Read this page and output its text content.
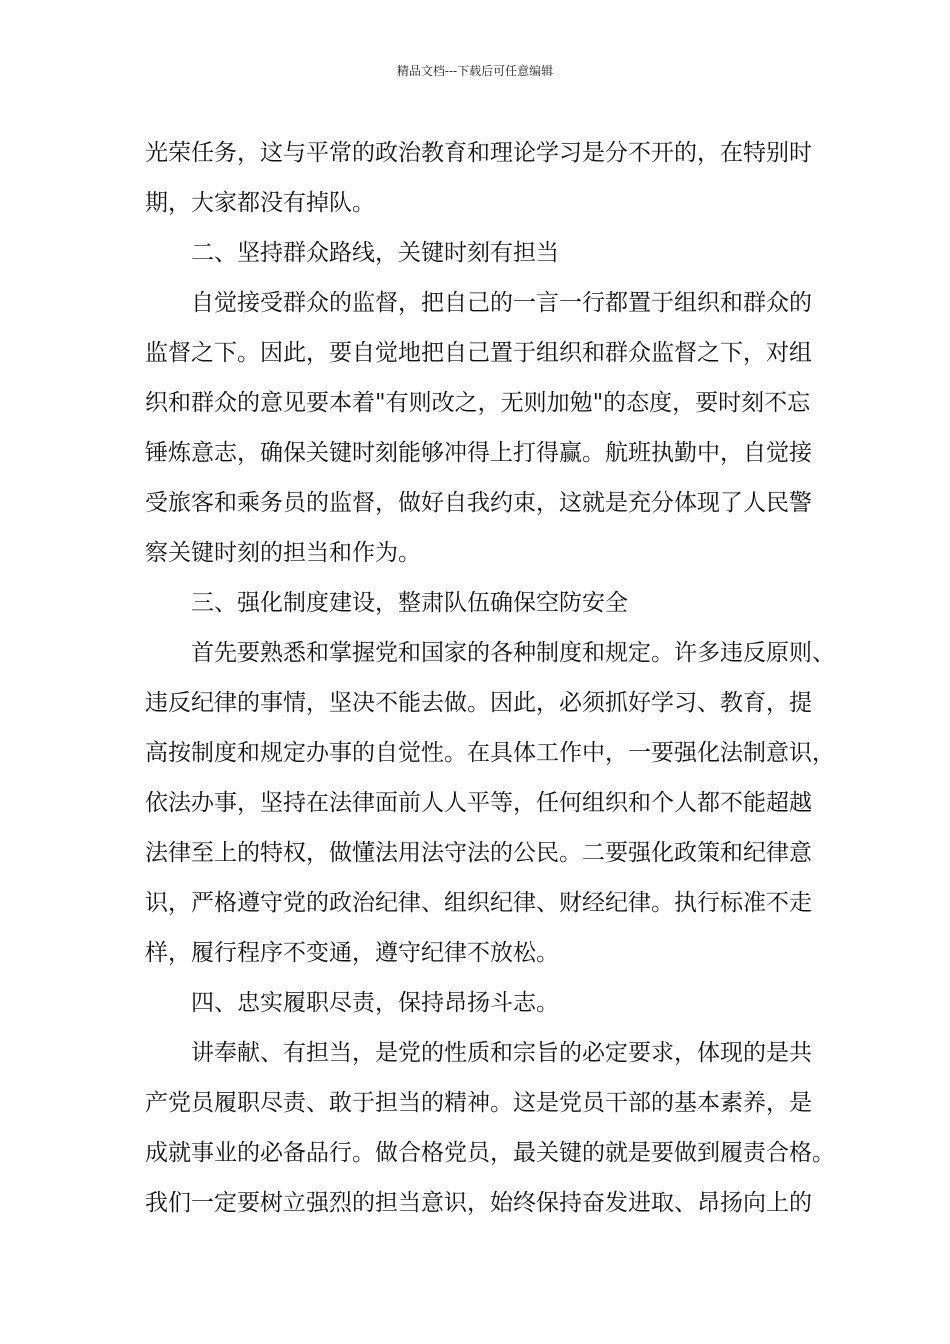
精品文档---下载后可任意编辑
光荣任务，这与平常的政治教育和理论学习是分不开的，在特别时
期，大家都没有掉队。
　　二、坚持群众路线，关键时刻有担当
　　自觉接受群众的监督，把自己的一言一行都置于组织和群众的
监督之下。因此，要自觉地把自己置于组织和群众监督之下，对组
织和群众的意见要本着"有则改之，无则加勉"的态度，要时刻不忘
锤炼意志，确保关键时刻能够冲得上打得赢。航班执勤中，自觉接
受旅客和乘务员的监督，做好自我约束，这就是充分体现了人民警
察关键时刻的担当和作为。
　　三、强化制度建设，整肃队伍确保空防安全
　　首先要熟悉和掌握党和国家的各种制度和规定。许多违反原则、
违反纪律的事情，坚决不能去做。因此，必须抓好学习、教育，提
高按制度和规定办事的自觉性。在具体工作中，一要强化法制意识，
依法办事，坚持在法律面前人人平等，任何组织和个人都不能超越
法律至上的特权，做懂法用法守法的公民。二要强化政策和纪律意
识，严格遵守党的政治纪律、组织纪律、财经纪律。执行标准不走
样，履行程序不变通，遵守纪律不放松。
　　四、忠实履职尽责，保持昂扬斗志。
　　讲奉献、有担当，是党的性质和宗旨的必定要求，体现的是共
产党员履职尽责、敢于担当的精神。这是党员干部的基本素养，是
成就事业的必备品行。做合格党员，最关键的就是要做到履责合格。
我们一定要树立强烈的担当意识，始终保持奋发进取、昂扬向上的
